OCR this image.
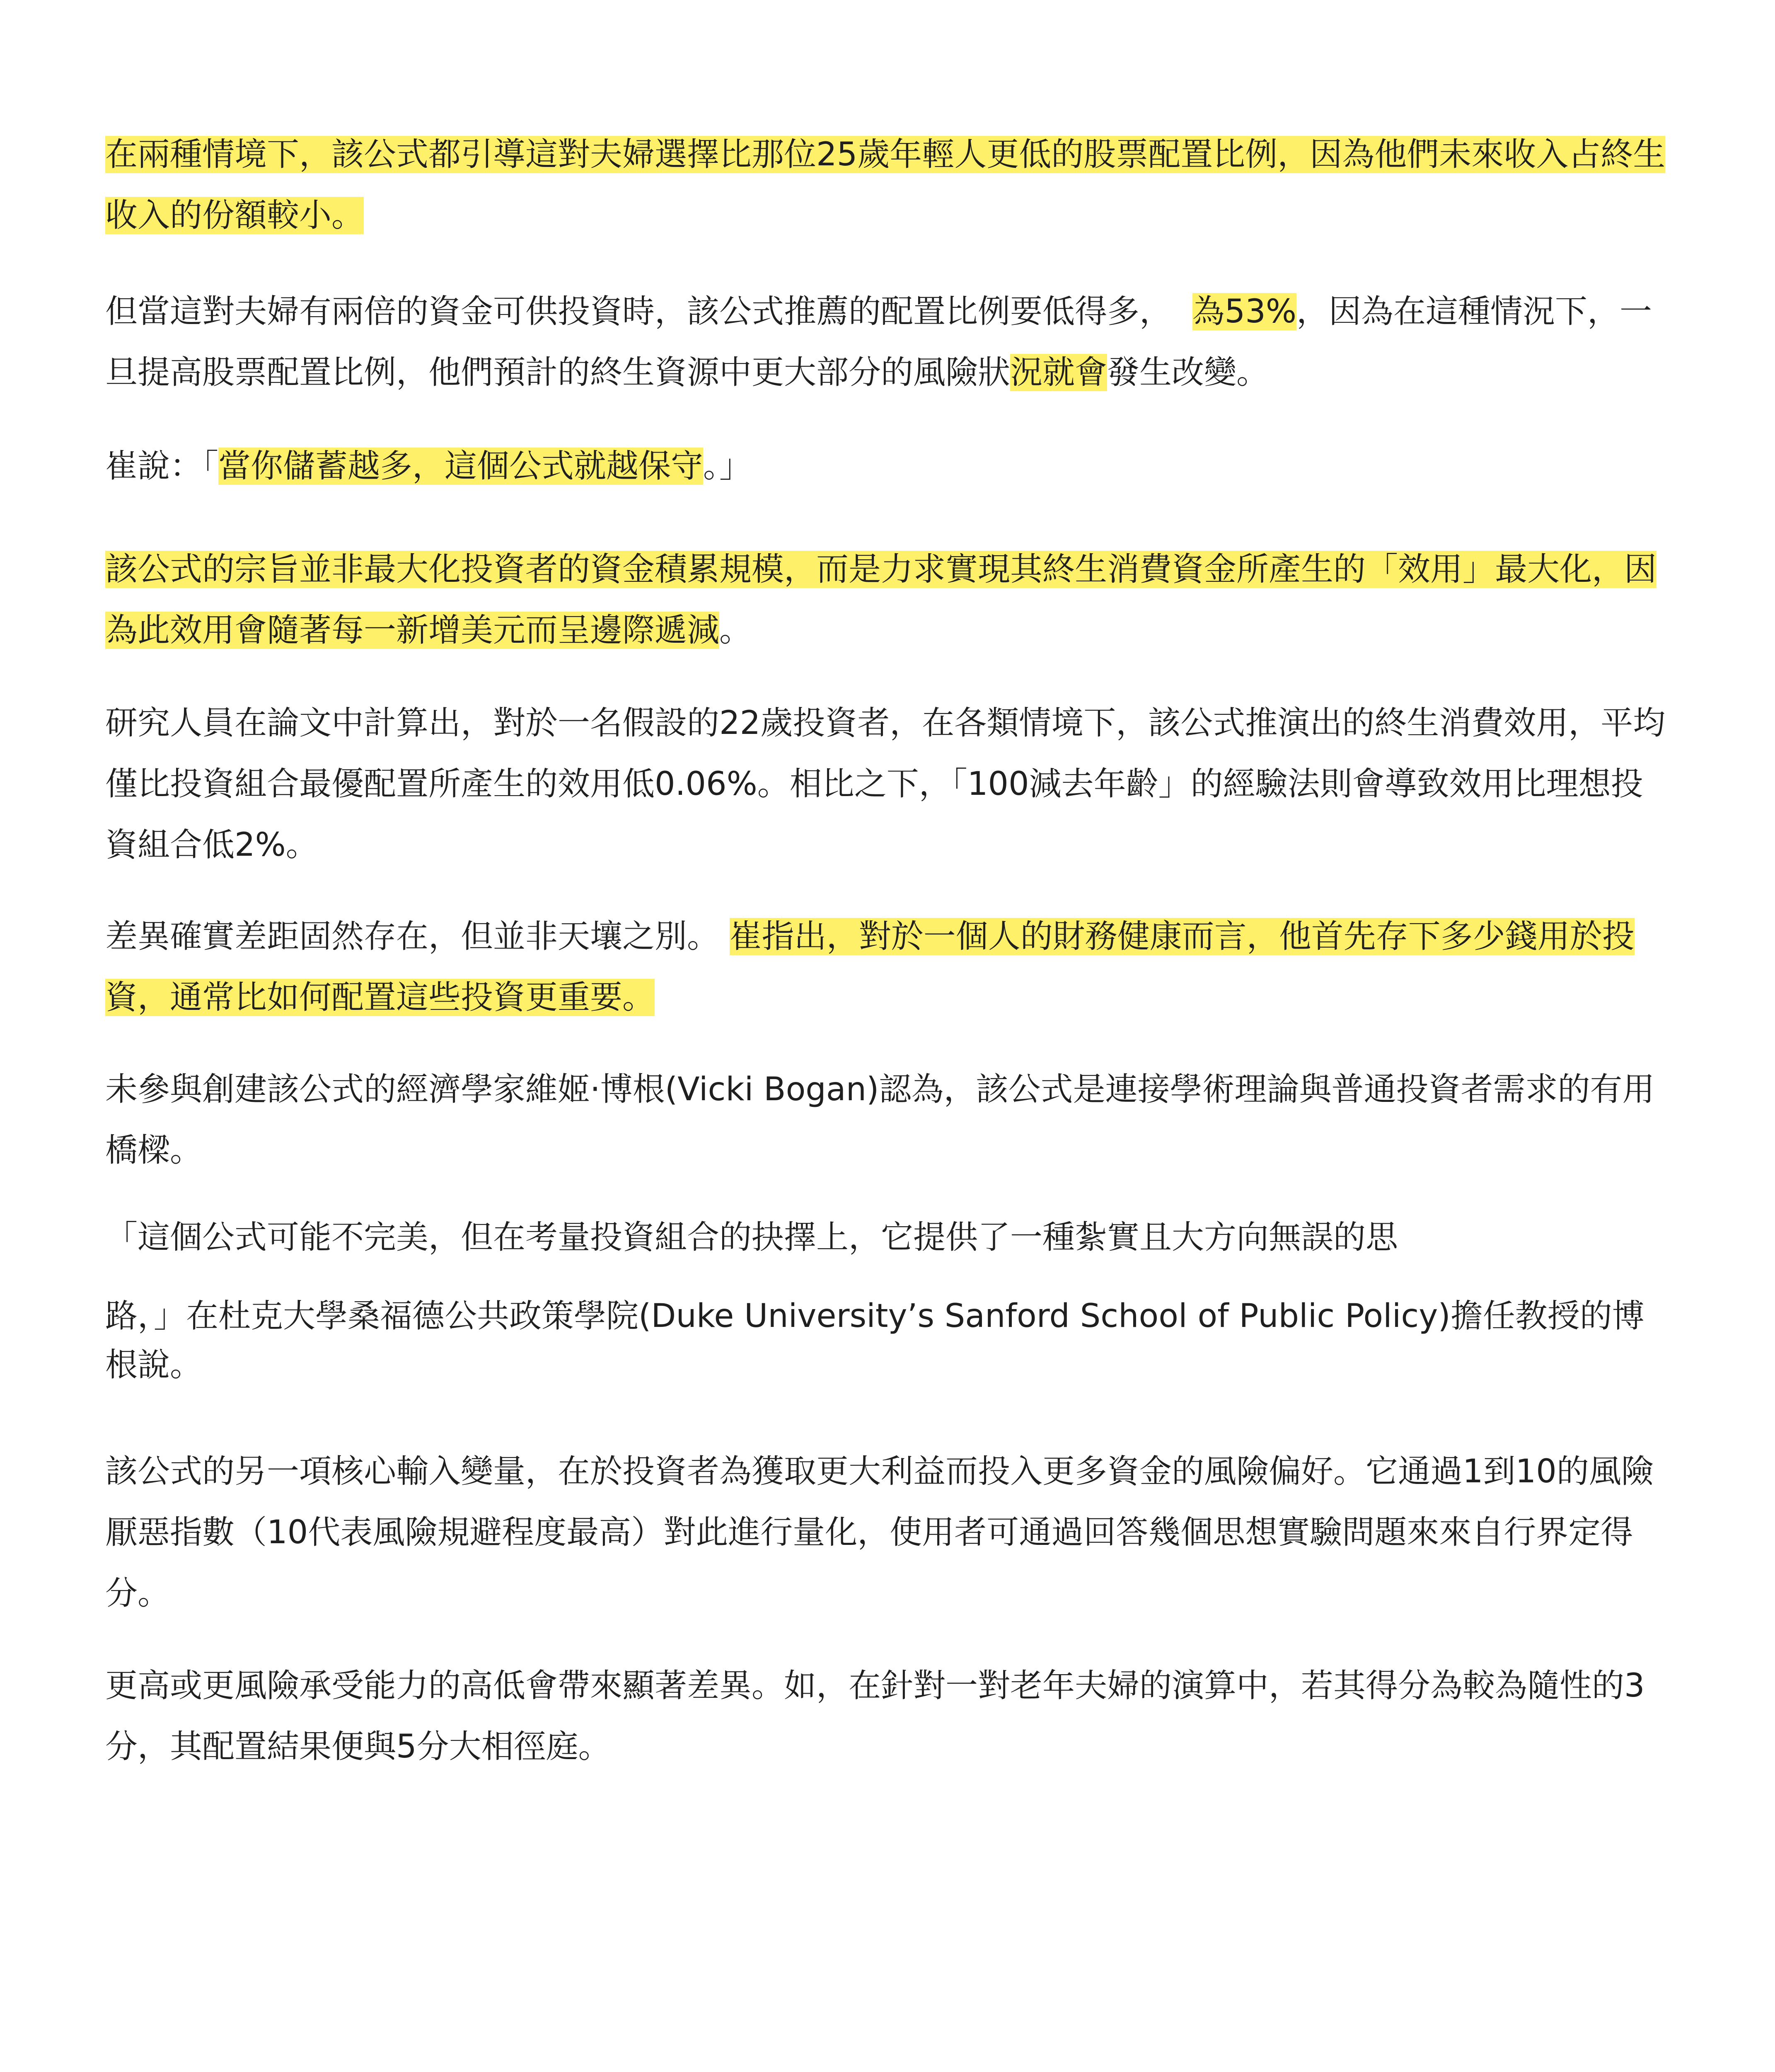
在兩種情境下，該公式都引導這對夫婦選擇比那位25歲年輕人更低的股票配置比例，因為他們未來收入占終生收入的份額較小。

但當這對夫婦有兩倍的資金可供投資時，該公式推薦的配置比例要低得多，  為53%，因為在這種情況下，一旦提高股票配置比例，他們預計的終生資源中更大部分的風險狀況就會發生改變。

崔說：「當你儲蓄越多，這個公式就越保守。」

該公式的宗旨並非最大化投資者的資金積累規模，而是力求實現其終生消費資金所產生的「效用」最大化，因為此效用會隨著每一新增美元而呈邊際遞減。

研究人員在論文中計算出，對於一名假設的22歲投資者，在各類情境下，該公式推演出的終生消費效用，平均僅比投資組合最優配置所產生的效用低0.06%。相比之下，「100減去年齡」的經驗法則會導致效用比理想投資組合低2%。

差異確實差距固然存在，但並非天壤之別。 崔指出，對於一個人的財務健康而言，他首先存下多少錢用於投資，通常比如何配置這些投資更重要。

未參與創建該公式的經濟學家維姬·博根(Vicki Bogan)認為，該公式是連接學術理論與普通投資者需求的有用橋樑。

「這個公式可能不完美，但在考量投資組合的抉擇上，它提供了一種紮實且大方向無誤的思

路，」在杜克大學桑福德公共政策學院(Duke University’s Sanford School of Public Policy)擔任教授的博根說。

該公式的另一項核心輸入變量，在於投資者為獲取更大利益而投入更多資金的風險偏好。它通過1到10的風險厭惡指數（10代表風險規避程度最高）對此進行量化，使用者可通過回答幾個思想實驗問題來來自行界定得分。

更高或更風險承受能力的高低會帶來顯著差異。如，在針對一對老年夫婦的演算中，若其得分為較為隨性的3分，其配置結果便與5分大相徑庭。
